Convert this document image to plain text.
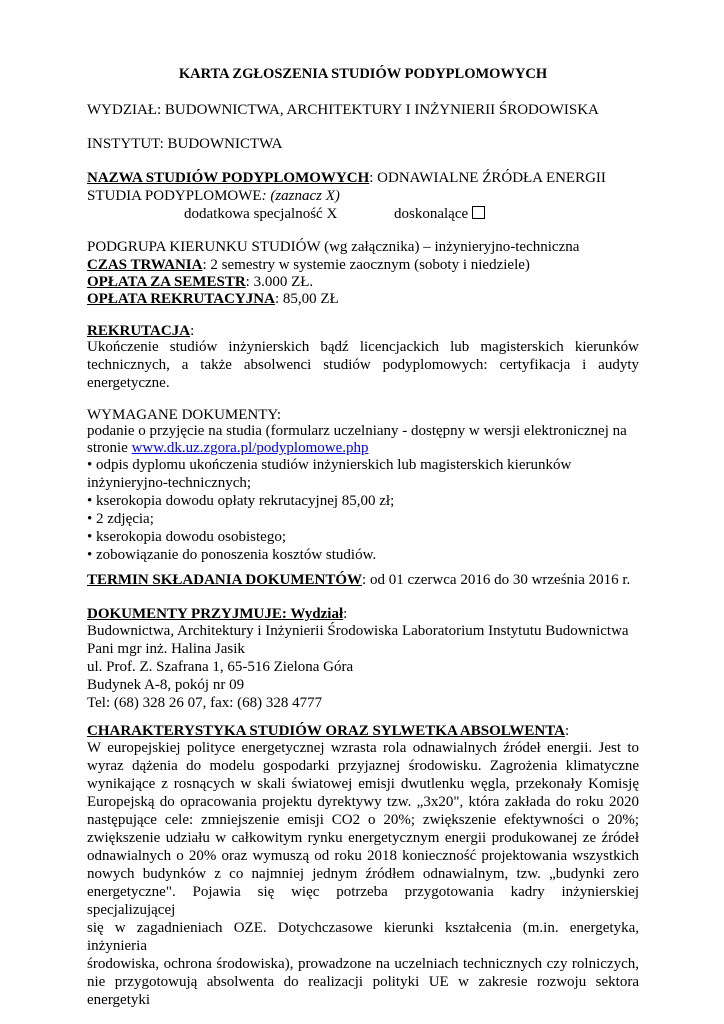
KARTA ZGŁOSZENIA STUDIÓW PODYPLOMOWYCH
WYDZIAŁ: BUDOWNICTWA, ARCHITEKTURY I INŻYNIERII ŚRODOWISKA
INSTYTUT: BUDOWNICTWA
NAZWA STUDIÓW PODYPLOMOWYCH: ODNAWIALNE ŹRÓDŁA ENERGII
STUDIA PODYPLOMOWE: (zaznacz X)
dodatkowa specjalność X	doskonalące
PODGRUPA KIERUNKU STUDIÓW (wg załącznika) – inżynieryjno-techniczna
CZAS TRWANIA: 2 semestry w systemie zaocznym (soboty i niedziele)
OPŁATA ZA SEMESTR: 3.000 ZŁ.
OPŁATA REKRUTACYJNA: 85,00 ZŁ
REKRUTACJA:
Ukończenie studiów inżynierskich bądź licencjackich lub magisterskich kierunków
technicznych, a także absolwenci studiów podyplomowych: certyfikacja i audyty
energetyczne.
WYMAGANE DOKUMENTY:
podanie o przyjęcie na studia (formularz uczelniany - dostępny w wersji elektronicznej na
stronie www.dk.uz.zgora.pl/podyplomowe.php
• odpis dyplomu ukończenia studiów inżynierskich lub magisterskich kierunków
inżynieryjno-technicznych;
• kserokopia dowodu opłaty rekrutacyjnej 85,00 zł;
• 2 zdjęcia;
• kserokopia dowodu osobistego;
• zobowiązanie do ponoszenia kosztów studiów.
TERMIN SKŁADANIA DOKUMENTÓW: od 01 czerwca 2016 do 30 września 2016 r.
DOKUMENTY PRZYJMUJE: Wydział:
Budownictwa, Architektury i Inżynierii Środowiska Laboratorium Instytutu Budownictwa
Pani mgr inż. Halina Jasik
ul. Prof. Z. Szafrana 1, 65-516 Zielona Góra
Budynek A-8, pokój nr 09
Tel: (68) 328 26 07, fax: (68) 328 4777
CHARAKTERYSTYKA STUDIÓW ORAZ SYLWETKA ABSOLWENTA:
W europejskiej polityce energetycznej wzrasta rola odnawialnych źródeł energii. Jest to
wyraz dążenia do modelu gospodarki przyjaznej środowisku. Zagrożenia klimatyczne
wynikające z rosnących w skali światowej emisji dwutlenku węgla, przekonały Komisję
Europejską do opracowania projektu dyrektywy tzw. „3x20", która zakłada do roku 2020
następujące cele: zmniejszenie emisji CO2 o 20%; zwiększenie efektywności o 20%;
zwiększenie udziału w całkowitym rynku energetycznym energii produkowanej ze źródeł
odnawialnych o 20% oraz wymuszą od roku 2018 konieczność projektowania wszystkich
nowych budynków z co najmniej jednym źródłem odnawialnym, tzw. „budynki zero
energetyczne". Pojawia się więc potrzeba przygotowania kadry inżynierskiej specjalizującej
się w zagadnieniach OZE. Dotychczasowe kierunki kształcenia (m.in. energetyka, inżynieria
środowiska, ochrona środowiska), prowadzone na uczelniach technicznych czy rolniczych,
nie przygotowują absolwenta do realizacji polityki UE w zakresie rozwoju sektora energetyki
